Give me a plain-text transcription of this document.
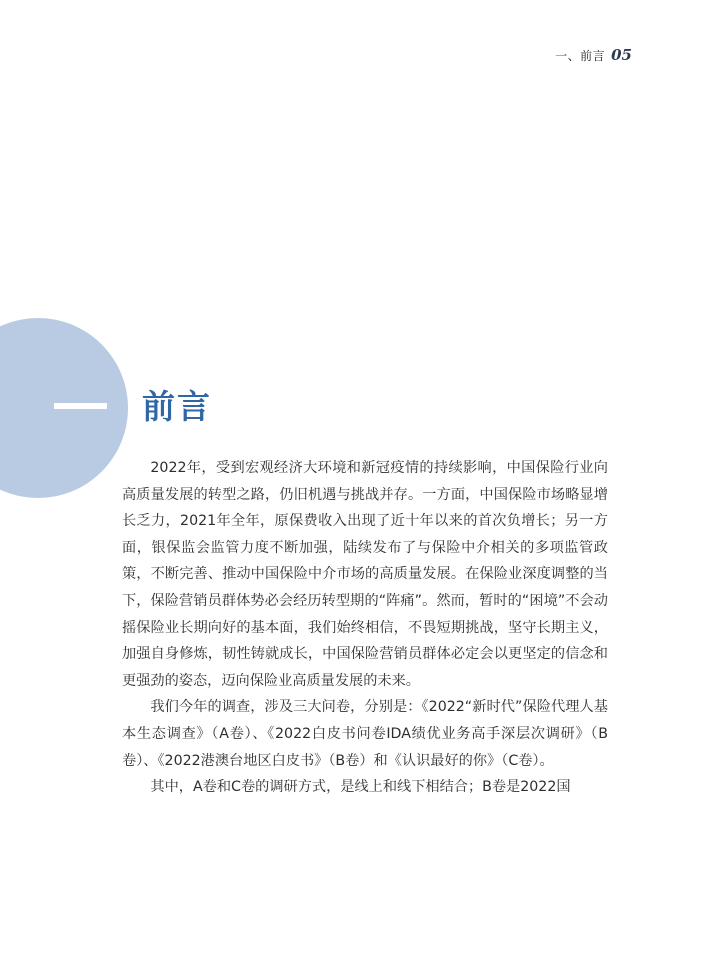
一、前言 05
前言

2022年，受到宏观经济大环境和新冠疫情的持续影响，中国保险行业向高质量发展的转型之路，仍旧机遇与挑战并存。一方面，中国保险市场略显增长乏力，2021年全年，原保费收入出现了近十年以来的首次负增长；另一方面，银保监会监管力度不断加强，陆续发布了与保险中介相关的多项监管政策，不断完善、推动中国保险中介市场的高质量发展。在保险业深度调整的当下，保险营销员群体势必会经历转型期的“阵痛”。然而，暂时的“困境”不会动摇保险业长期向好的基本面，我们始终相信，不畏短期挑战，坚守长期主义，加强自身修炼，韧性铸就成长，中国保险营销员群体必定会以更坚定的信念和更强劲的姿态，迈向保险业高质量发展的未来。

我们今年的调查，涉及三大问卷，分别是：《2022“新时代”保险代理人基本生态调查》（A卷）、《2022白皮书问卷IDA绩优业务高手深层次调研》（B卷）、《2022港澳台地区白皮书》（B卷）和《认识最好的你》（C卷）。

其中，A卷和C卷的调研方式，是线上和线下相结合；B卷是2022国
